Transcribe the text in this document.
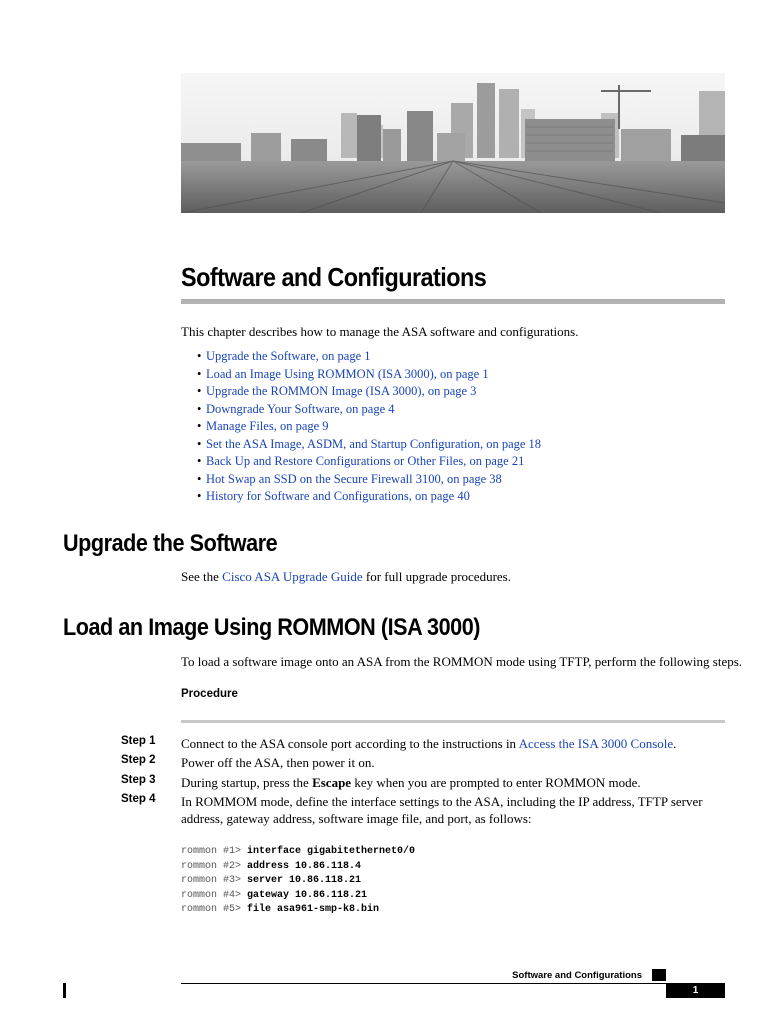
Software and Configurations
This chapter describes how to manage the ASA software and configurations.
• Upgrade the Software, on page 1
• Load an Image Using ROMMON (ISA 3000), on page 1
• Upgrade the ROMMON Image (ISA 3000), on page 3
• Downgrade Your Software, on page 4
• Manage Files, on page 9
• Set the ASA Image, ASDM, and Startup Configuration, on page 18
• Back Up and Restore Configurations or Other Files, on page 21
• Hot Swap an SSD on the Secure Firewall 3100, on page 38
• History for Software and Configurations, on page 40
Upgrade the Software
See the Cisco ASA Upgrade Guide for full upgrade procedures.
Load an Image Using ROMMON (ISA 3000)
To load a software image onto an ASA from the ROMMON mode using TFTP, perform the following steps.
Procedure
Step 1	Connect to the ASA console port according to the instructions in Access the ISA 3000 Console.
Step 2	Power off the ASA, then power it on.
Step 3	During startup, press the Escape key when you are prompted to enter ROMMON mode.
Step 4	In ROMMOM mode, define the interface settings to the ASA, including the IP address, TFTP server address, gateway address, software image file, and port, as follows:
rommon #1> interface gigabitethernet0/0
rommon #2> address 10.86.118.4
rommon #3> server 10.86.118.21
rommon #4> gateway 10.86.118.21
rommon #5> file asa961-smp-k8.bin
Software and Configurations
1
